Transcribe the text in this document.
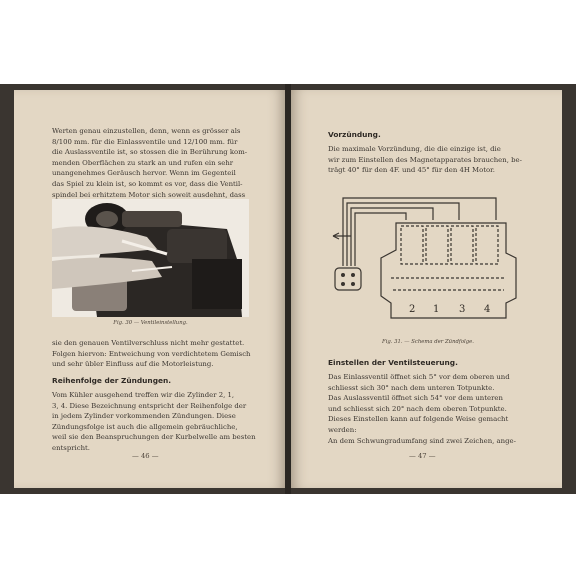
Werten genau einzustellen, denn, wenn es grösser als
8/100 mm. für die Einlassventile und 12/100 mm. für
die Auslassventile ist, so stossen die in Berührung kom-
menden Oberflächen zu stark an und rufen ein sehr
unangenehmes Geräusch hervor. Wenn im Gegenteil
das Spiel zu klein ist, so kommt es vor, dass die Ventil-
spindel bei erhitztem Motor sich soweit ausdehnt, dass
Fig. 30 — Ventileinstellung.
sie den genauen Ventilverschluss nicht mehr gestattet.
Folgen hiervon: Entweichung von verdichtetem Gemisch
und sehr übler Einfluss auf die Motorleistung.
Reihenfolge der Zündungen.
Vom Kühler ausgehend treffen wir die Zylinder 2, 1,
3, 4. Diese Bezeichnung entspricht der Reihenfolge der
in jedem Zylinder vorkommenden Zündungen. Diese
Zündungsfolge ist auch die allgemein gebräuchliche,
weil sie den Beanspruchungen der Kurbelwelle am besten
entspricht.
— 46 —
Vorzündung.
Die maximale Vorzündung, die die einzige ist, die
wir zum Einstellen des Magnetapparates brauchen, be-
trägt 40° für den 4F. und 45° für den 4H Motor.
2 1 3 4
Fig. 31. — Schema der Zündfolge.
Einstellen der Ventilsteuerung.
Das Einlassventil öffnet sich 5° vor dem oberen und
schliesst sich 30° nach dem unteren Totpunkte.
Das Auslassventil öffnet sich 54° vor dem unteren
und schliesst sich 20° nach dem oberen Totpunkte.
Dieses Einstellen kann auf folgende Weise gemacht
werden:
An dem Schwungradumfang sind zwei Zeichen, ange-
— 47 —
